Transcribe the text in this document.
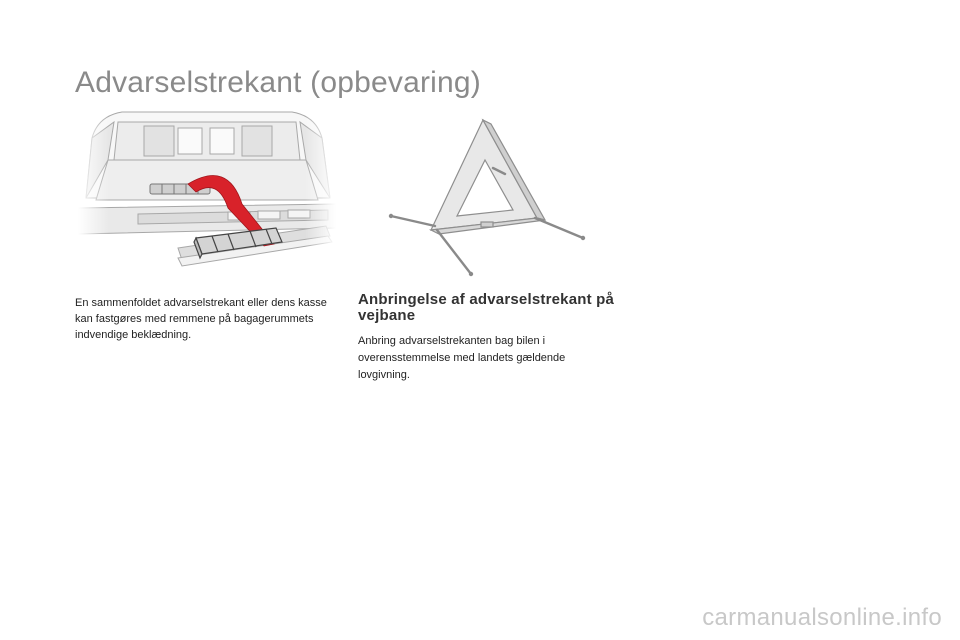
Advarselstrekant (opbevaring)

En sammenfoldet advarselstrekant eller dens kasse kan fastgøres med remmene på bagagerummets indvendige beklædning.

Anbringelse af advarselstrekant på vejbane

Anbring advarselstrekanten bag bilen i overensstemmelse med landets gældende lovgivning.

carmanualsonline.info
